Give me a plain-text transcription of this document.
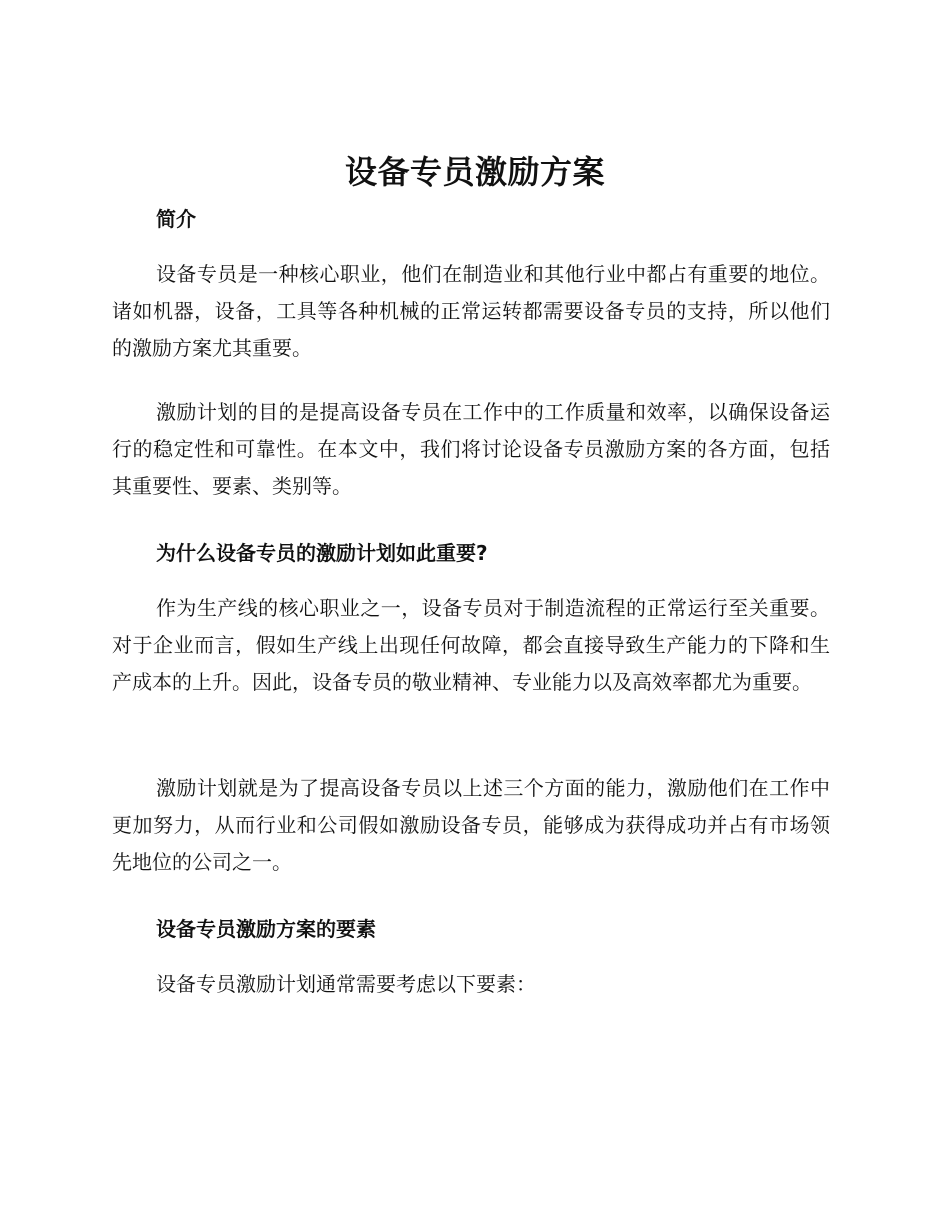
设备专员激励方案
简介

设备专员是一种核心职业，他们在制造业和其他行业中都占有重要的地位。诸如机器，设备，工具等各种机械的正常运转都需要设备专员的支持，所以他们的激励方案尤其重要。

激励计划的目的是提高设备专员在工作中的工作质量和效率，以确保设备运行的稳定性和可靠性。在本文中，我们将讨论设备专员激励方案的各方面，包括其重要性、要素、类别等。

为什么设备专员的激励计划如此重要?

作为生产线的核心职业之一，设备专员对于制造流程的正常运行至关重要。对于企业而言，假如生产线上出现任何故障，都会直接导致生产能力的下降和生产成本的上升。因此，设备专员的敬业精神、专业能力以及高效率都尤为重要。

激励计划就是为了提高设备专员以上述三个方面的能力，激励他们在工作中更加努力，从而行业和公司假如激励设备专员，能够成为获得成功并占有市场领先地位的公司之一。

设备专员激励方案的要素

设备专员激励计划通常需要考虑以下要素：
